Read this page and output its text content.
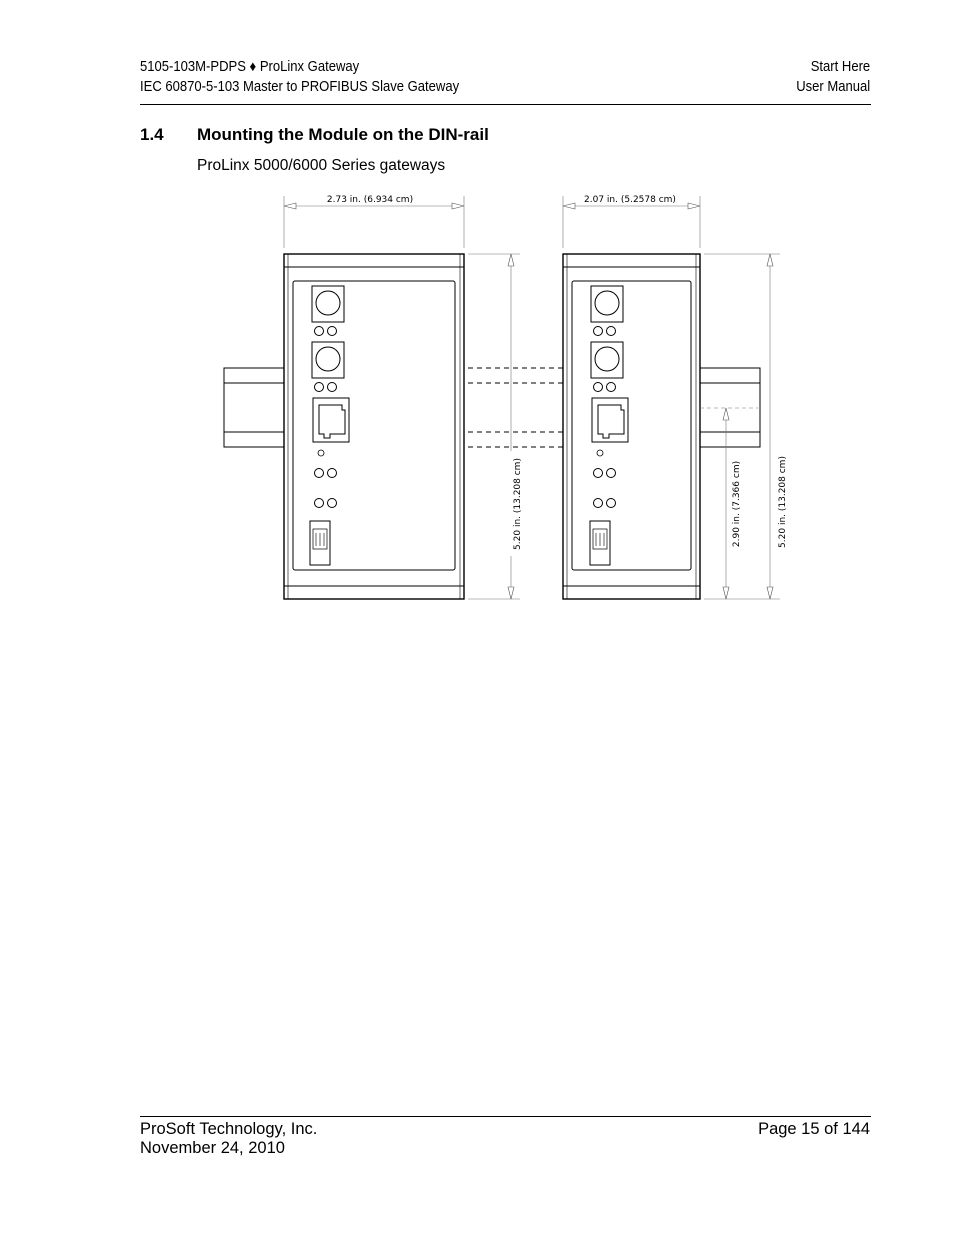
5105-103M-PDPS ♦ ProLinx Gateway
IEC 60870-5-103 Master to PROFIBUS Slave Gateway
Start Here
User Manual
1.4 Mounting the Module on the DIN-rail
ProLinx 5000/6000 Series gateways
2.73 in. (6.934 cm)
5.20 in. (13.208 cm)
2.07 in. (5.2578 cm)
2.90 in. (7.366 cm)	5.20 in. (13.208 cm)
ProSoft Technology, Inc.
November 24, 2010
Page 15 of 144
